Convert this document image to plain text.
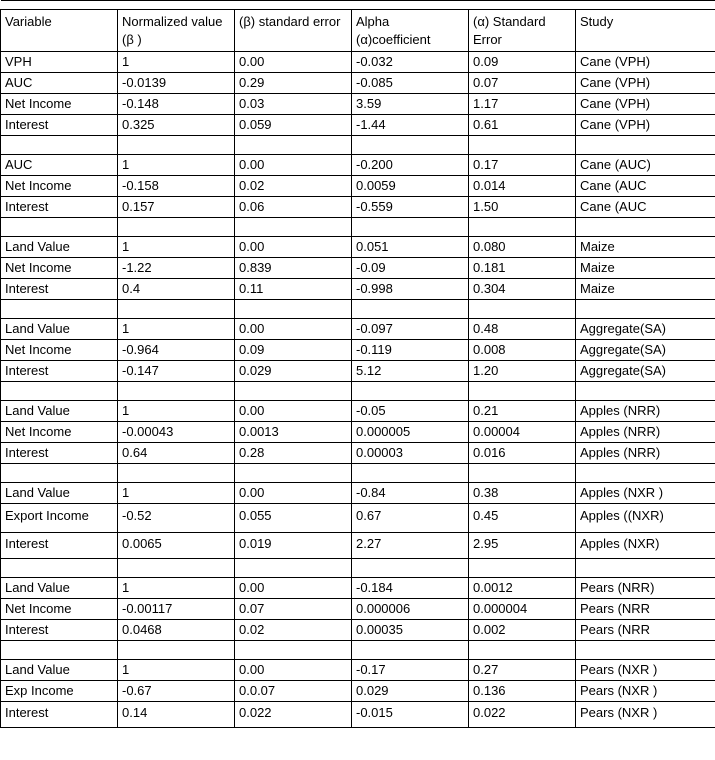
Variable	Normalized value (β )	(β) standard error	Alpha (α)coefficient	(α) Standard Error	Study
VPH	1	0.00	-0.032	0.09	Cane (VPH)
AUC	-0.0139	0.29	-0.085	0.07	Cane (VPH)
Net Income	-0.148	0.03	3.59	1.17	Cane (VPH)
Interest	0.325	0.059	-1.44	0.61	Cane (VPH)

AUC	1	0.00	-0.200	0.17	Cane (AUC)
Net Income	-0.158	0.02	0.0059	0.014	Cane (AUC
Interest	0.157	0.06	-0.559	1.50	Cane (AUC

Land Value	1	0.00	0.051	0.080	Maize
Net Income	-1.22	0.839	-0.09	0.181	Maize
Interest	0.4	0.11	-0.998	0.304	Maize

Land Value	1	0.00	-0.097	0.48	Aggregate(SA)
Net Income	-0.964	0.09	-0.119	0.008	Aggregate(SA)
Interest	-0.147	0.029	5.12	1.20	Aggregate(SA)

Land Value	1	0.00	-0.05	0.21	Apples (NRR)
Net Income	-0.00043	0.0013	0.000005	0.00004	Apples (NRR)
Interest	0.64	0.28	0.00003	0.016	Apples (NRR)

Land Value	1	0.00	-0.84	0.38	Apples (NXR )
Export Income	-0.52	0.055	0.67	0.45	Apples ((NXR)
Interest	0.0065	0.019	2.27	2.95	Apples (NXR)

Land Value	1	0.00	-0.184	0.0012	Pears (NRR)
Net Income	-0.00117	0.07	0.000006	0.000004	Pears (NRR
Interest	0.0468	0.02	0.00035	0.002	Pears (NRR

Land Value	1	0.00	-0.17	0.27	Pears (NXR )
Exp Income	-0.67	0.0.07	0.029	0.136	Pears (NXR )
Interest	0.14	0.022	-0.015	0.022	Pears (NXR )
